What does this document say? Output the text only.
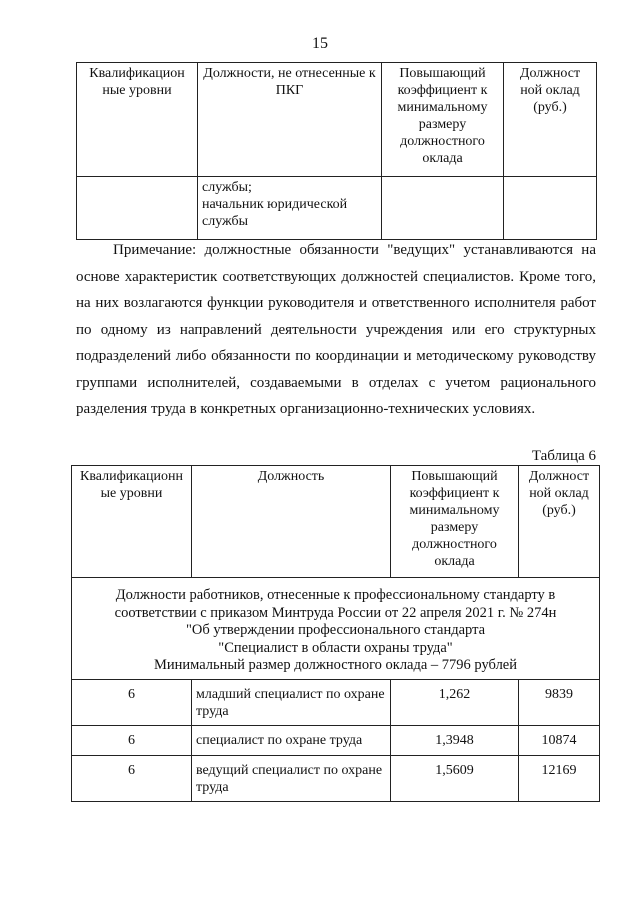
15
Квалификацион ные уровни	Должности, не отнесенные к ПКГ	Повышающий коэффициент к минимальному размеру должностного оклада	Должност ной оклад (руб.)

	службы;
начальник юридической
службы		

Примечание: должностные обязанности "ведущих" устанавливаются на основе характеристик соответствующих должностей специалистов. Кроме того, на них возлагаются функции руководителя и ответственного исполнителя работ по одному из направлений деятельности учреждения или его структурных подразделений либо обязанности по координации и методическому руководству группами исполнителей, создаваемыми в отделах с учетом рационального разделения труда в конкретных организационно-технических условиях.

Таблица 6
Квалификационн ые уровни	Должность	Повышающий коэффициент к минимальному размеру должностного оклада	Должност ной оклад (руб.)

Должности работников, отнесенные к профессиональному стандарту в
соответствии с приказом Минтруда России от 22 апреля 2021 г. № 274н
"Об утверждении профессионального стандарта
"Специалист в области охраны труда"
Минимальный размер должностного оклада – 7796 рублей			

6	младший специалист по охране труда	1,262	9839
6	специалист по охране труда	1,3948	10874
6	ведущий специалист по охране труда	1,5609	12169
